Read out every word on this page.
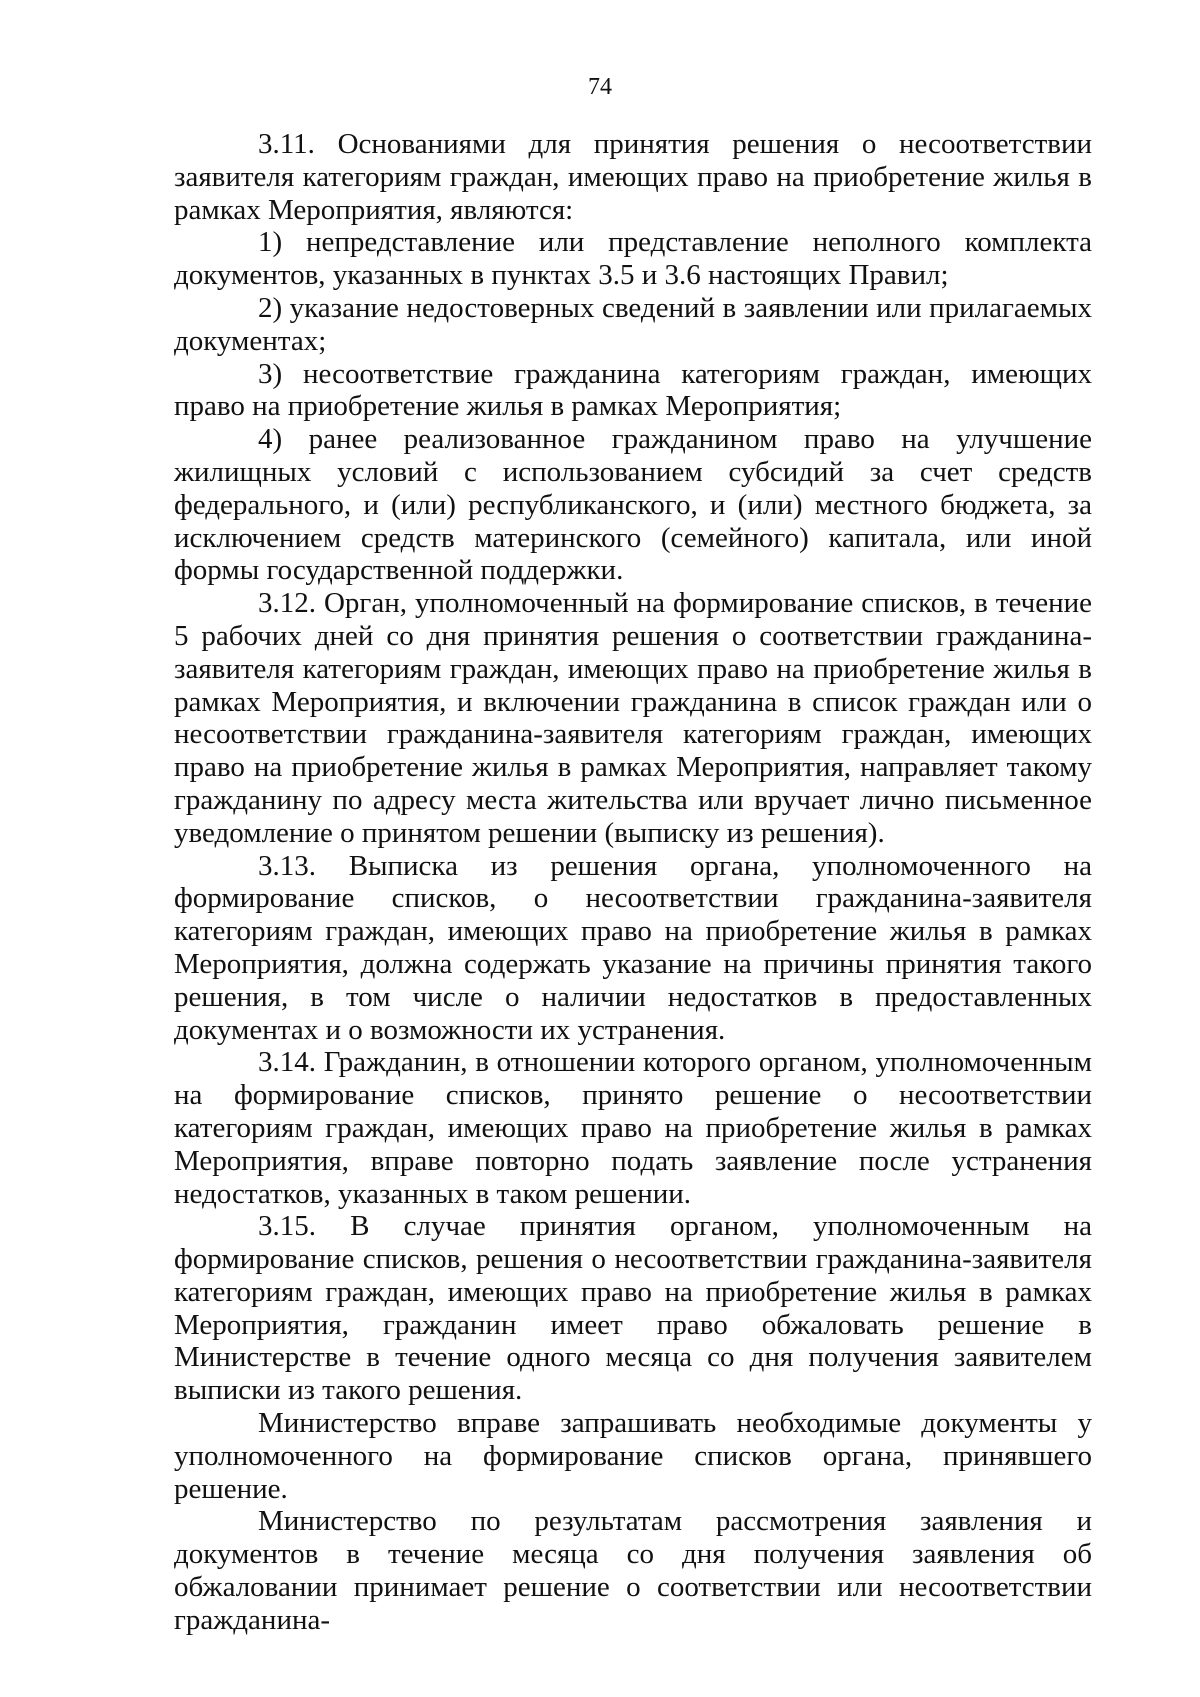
74

3.11. Основаниями для принятия решения о несоответствии заявителя категориям граждан, имеющих право на приобретение жилья в рамках Мероприятия, являются:

1) непредставление или представление неполного комплекта документов, указанных в пунктах 3.5 и 3.6 настоящих Правил;

2) указание недостоверных сведений в заявлении или прилагаемых документах;

3) несоответствие гражданина категориям граждан, имеющих право на приобретение жилья в рамках Мероприятия;

4) ранее реализованное гражданином право на улучшение жилищных условий с использованием субсидий за счет средств федерального, и (или) республиканского, и (или) местного бюджета, за исключением средств материнского (семейного) капитала, или иной формы государственной поддержки.

3.12. Орган, уполномоченный на формирование списков, в течение 5 рабочих дней со дня принятия решения о соответствии гражданина-заявителя категориям граждан, имеющих право на приобретение жилья в рамках Мероприятия, и включении гражданина в список граждан или о несоответствии гражданина-заявителя категориям граждан, имеющих право на приобретение жилья в рамках Мероприятия, направляет такому гражданину по адресу места жительства или вручает лично письменное уведомление о принятом решении (выписку из решения).

3.13. Выписка из решения органа, уполномоченного на формирование списков, о несоответствии гражданина-заявителя категориям граждан, имеющих право на приобретение жилья в рамках Мероприятия, должна содержать указание на причины принятия такого решения, в том числе о наличии недостатков в предоставленных документах и о возможности их устранения.

3.14. Гражданин, в отношении которого органом, уполномоченным на формирование списков, принято решение о несоответствии категориям граждан, имеющих право на приобретение жилья в рамках Мероприятия, вправе повторно подать заявление после устранения недостатков, указанных в таком решении.

3.15. В случае принятия органом, уполномоченным на формирование списков, решения о несоответствии гражданина-заявителя категориям граждан, имеющих право на приобретение жилья в рамках Мероприятия, гражданин имеет право обжаловать решение в Министерстве в течение одного месяца со дня получения заявителем выписки из такого решения.

Министерство вправе запрашивать необходимые документы у уполномоченного на формирование списков органа, принявшего решение.

Министерство по результатам рассмотрения заявления и документов в течение месяца со дня получения заявления об обжаловании принимает решение о соответствии или несоответствии гражданина-
